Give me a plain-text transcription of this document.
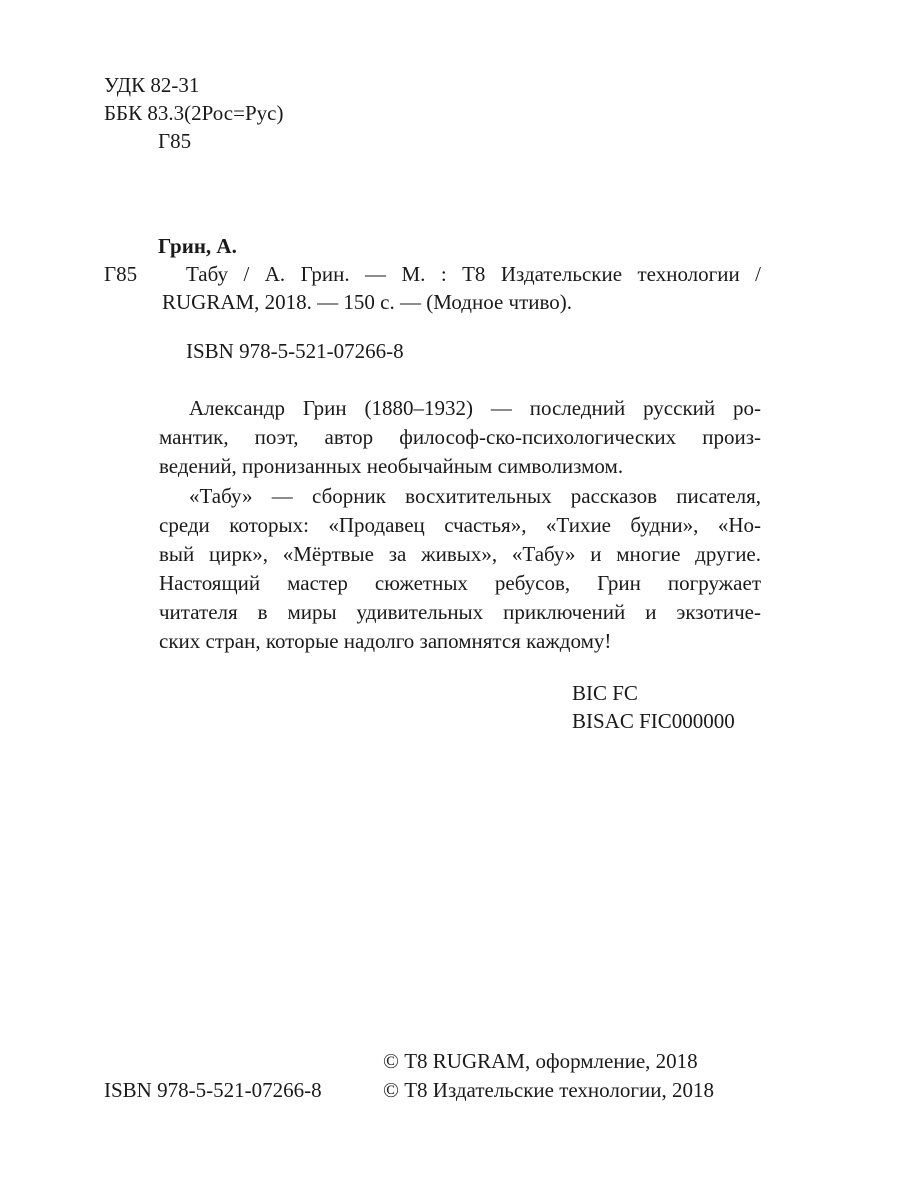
УДК 82-31
ББК 83.3(2Рос=Рус)
Г85
Грин, А.
Г85 Табу / А. Грин. — М. : Т8 Издательские технологии /
RUGRAM, 2018. — 150 с. — (Модное чтиво).
ISBN 978-5-521-07266-8
Александр Грин (1880–1932) — последний русский ро-
мантик, поэт, автор философ-ско-психологических произ-
ведений, пронизанных необычайным символизмом.
«Табу» — сборник восхитительных рассказов писателя,
среди которых: «Продавец счастья», «Тихие будни», «Но-
вый цирк», «Мёртвые за живых», «Табу» и многие другие.
Настоящий мастер сюжетных ребусов, Грин погружает
читателя в миры удивительных приключений и экзотиче-
ских стран, которые надолго запомнятся каждому!
BIC FC
BISAC FIC000000
© Т8 RUGRAM, оформление, 2018
ISBN 978-5-521-07266-8	© Т8 Издательские технологии, 2018
